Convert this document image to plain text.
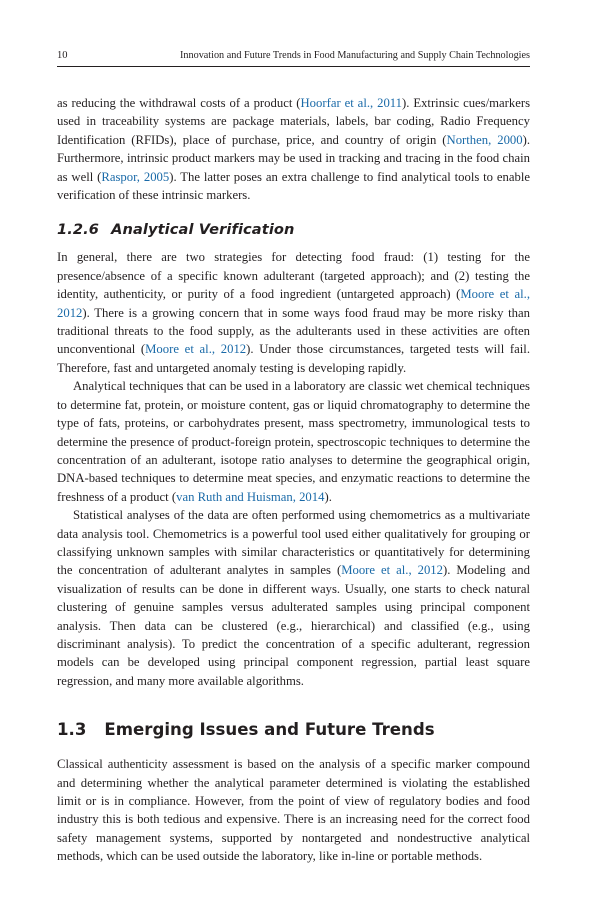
10	Innovation and Future Trends in Food Manufacturing and Supply Chain Technologies

as reducing the withdrawal costs of a product (Hoorfar et al., 2011). Extrinsic cues/markers used in traceability systems are package materials, labels, bar coding, Radio Frequency Identification (RFIDs), place of purchase, price, and country of origin (Northen, 2000). Furthermore, intrinsic product markers may be used in tracking and tracing in the food chain as well (Raspor, 2005). The latter poses an extra challenge to find analytical tools to enable verification of these intrinsic markers.

1.2.6 Analytical Verification

In general, there are two strategies for detecting food fraud: (1) testing for the presence/absence of a specific known adulterant (targeted approach); and (2) testing the identity, authenticity, or purity of a food ingredient (untargeted approach) (Moore et al., 2012). There is a growing concern that in some ways food fraud may be more risky than traditional threats to the food supply, as the adulterants used in these activities are often unconventional (Moore et al., 2012). Under those circumstances, targeted tests will fail. Therefore, fast and untargeted anomaly testing is developing rapidly.

Analytical techniques that can be used in a laboratory are classic wet chemical techniques to determine fat, protein, or moisture content, gas or liquid chromatography to determine the type of fats, proteins, or carbohydrates present, mass spectrometry, immunological tests to determine the presence of product-foreign protein, spectroscopic techniques to determine the concentration of an adulterant, isotope ratio analyses to determine the geographical origin, DNA-based techniques to determine meat species, and enzymatic reactions to determine the freshness of a product (van Ruth and Huisman, 2014).

Statistical analyses of the data are often performed using chemometrics as a multivariate data analysis tool. Chemometrics is a powerful tool used either qualitatively for grouping or classifying unknown samples with similar characteristics or quantitatively for determining the concentration of adulterant analytes in samples (Moore et al., 2012). Modeling and visualization of results can be done in different ways. Usually, one starts to check natural clustering of genuine samples versus adulterated samples using principal component analysis. Then data can be clustered (e.g., hierarchical) and classified (e.g., using discriminant analysis). To predict the concentration of a specific adulterant, regression models can be developed using principal component regression, partial least square regression, and many more available algorithms.

1.3 Emerging Issues and Future Trends

Classical authenticity assessment is based on the analysis of a specific marker compound and determining whether the analytical parameter determined is violating the established limit or is in compliance. However, from the point of view of regulatory bodies and food industry this is both tedious and expensive. There is an increasing need for the correct food safety management systems, supported by nontargeted and nondestructive analytical methods, which can be used outside the laboratory, like in-line or portable methods.
